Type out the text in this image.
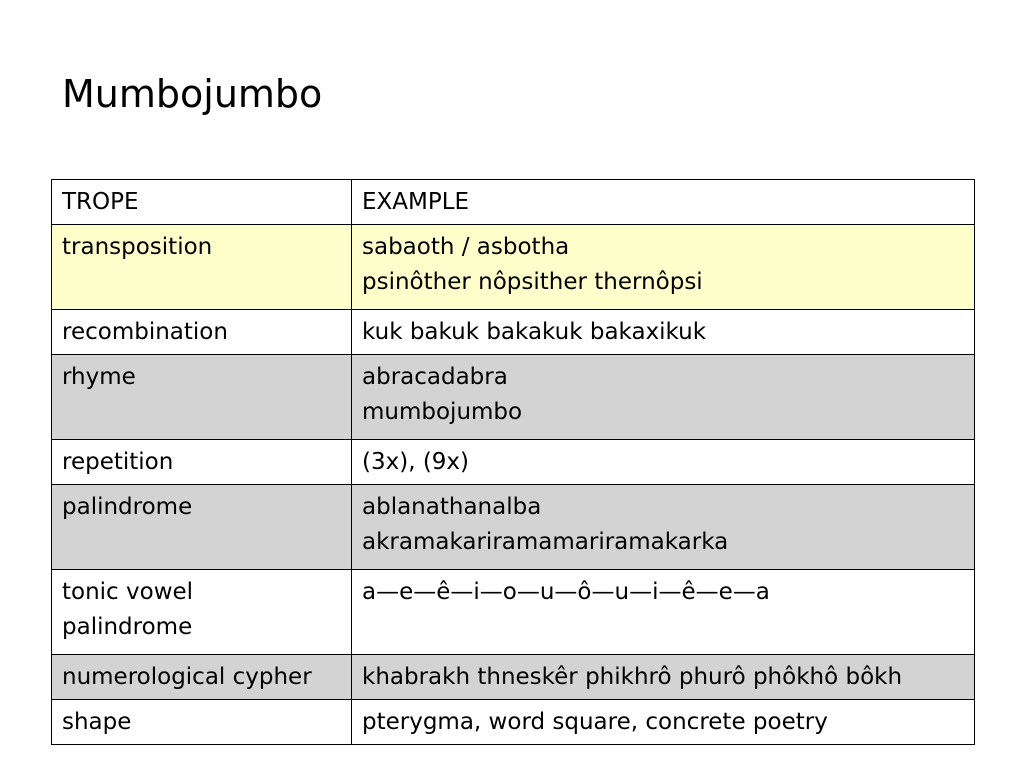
Mumbojumbo
TROPE	EXAMPLE

transposition	sabaoth / asbotha
psinôther nôpsither thernôpsi

recombination	kuk bakuk bakakuk bakaxikuk

rhyme	abracadabra
mumbojumbo

repetition	(3x), (9x)

palindrome	ablanathanalba
akramakariramamariramakarka

tonic vowel
palindrome	a—e—ê—i—o—u—ô—u—i—ê—e—a

numerological cypher	khabrakh thneskêr phikhrô phurô phôkhô bôkh

shape	pterygma, word square, concrete poetry
